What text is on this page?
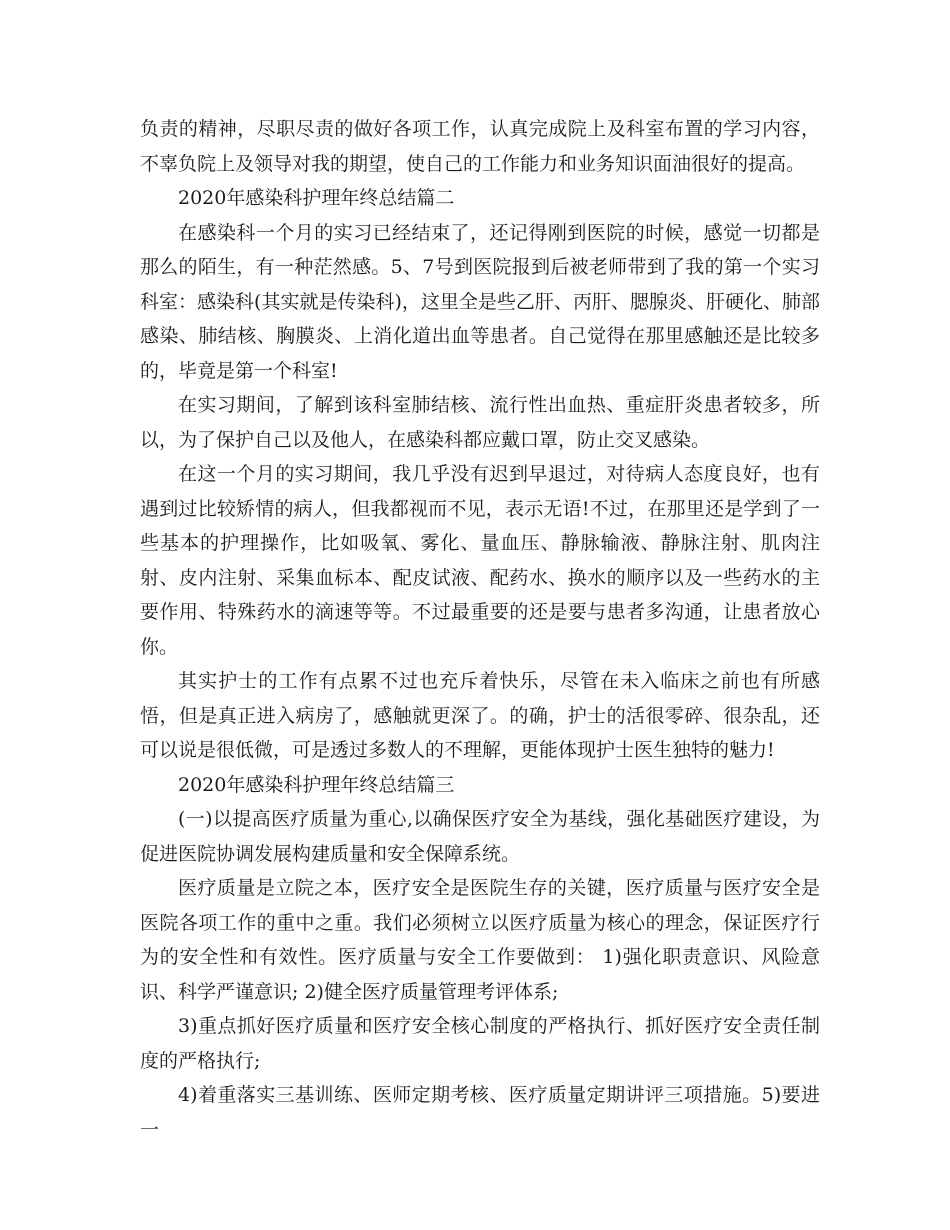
负责的精神，尽职尽责的做好各项工作，认真完成院上及科室布置的学习内容，不辜负院上及领导对我的期望，使自己的工作能力和业务知识面油很好的提高。

2020年感染科护理年终总结篇二

在感染科一个月的实习已经结束了，还记得刚到医院的时候，感觉一切都是那么的陌生，有一种茫然感。5、7号到医院报到后被老师带到了我的第一个实习科室：感染科(其实就是传染科)，这里全是些乙肝、丙肝、腮腺炎、肝硬化、肺部感染、肺结核、胸膜炎、上消化道出血等患者。自己觉得在那里感触还是比较多的，毕竟是第一个科室!

在实习期间，了解到该科室肺结核、流行性出血热、重症肝炎患者较多，所以，为了保护自己以及他人，在感染科都应戴口罩，防止交叉感染。

在这一个月的实习期间，我几乎没有迟到早退过，对待病人态度良好，也有遇到过比较矫情的病人，但我都视而不见，表示无语!不过，在那里还是学到了一些基本的护理操作，比如吸氧、雾化、量血压、静脉输液、静脉注射、肌肉注射、皮内注射、采集血标本、配皮试液、配药水、换水的顺序以及一些药水的主要作用、特殊药水的滴速等等。不过最重要的还是要与患者多沟通，让患者放心你。

其实护士的工作有点累不过也充斥着快乐，尽管在未入临床之前也有所感悟，但是真正进入病房了，感触就更深了。的确，护士的活很零碎、很杂乱，还可以说是很低微，可是透过多数人的不理解，更能体现护士医生独特的魅力!

2020年感染科护理年终总结篇三

(一)以提高医疗质量为重心,以确保医疗安全为基线，强化基础医疗建设，为促进医院协调发展构建质量和安全保障系统。

医疗质量是立院之本，医疗安全是医院生存的关键，医疗质量与医疗安全是医院各项工作的重中之重。我们必须树立以医疗质量为核心的理念，保证医疗行为的安全性和有效性。医疗质量与安全工作要做到： 1)强化职责意识、风险意识、科学严谨意识; 2)健全医疗质量管理考评体系;

3)重点抓好医疗质量和医疗安全核心制度的严格执行、抓好医疗安全责任制度的严格执行;

4)着重落实三基训练、医师定期考核、医疗质量定期讲评三项措施。5)要进一
